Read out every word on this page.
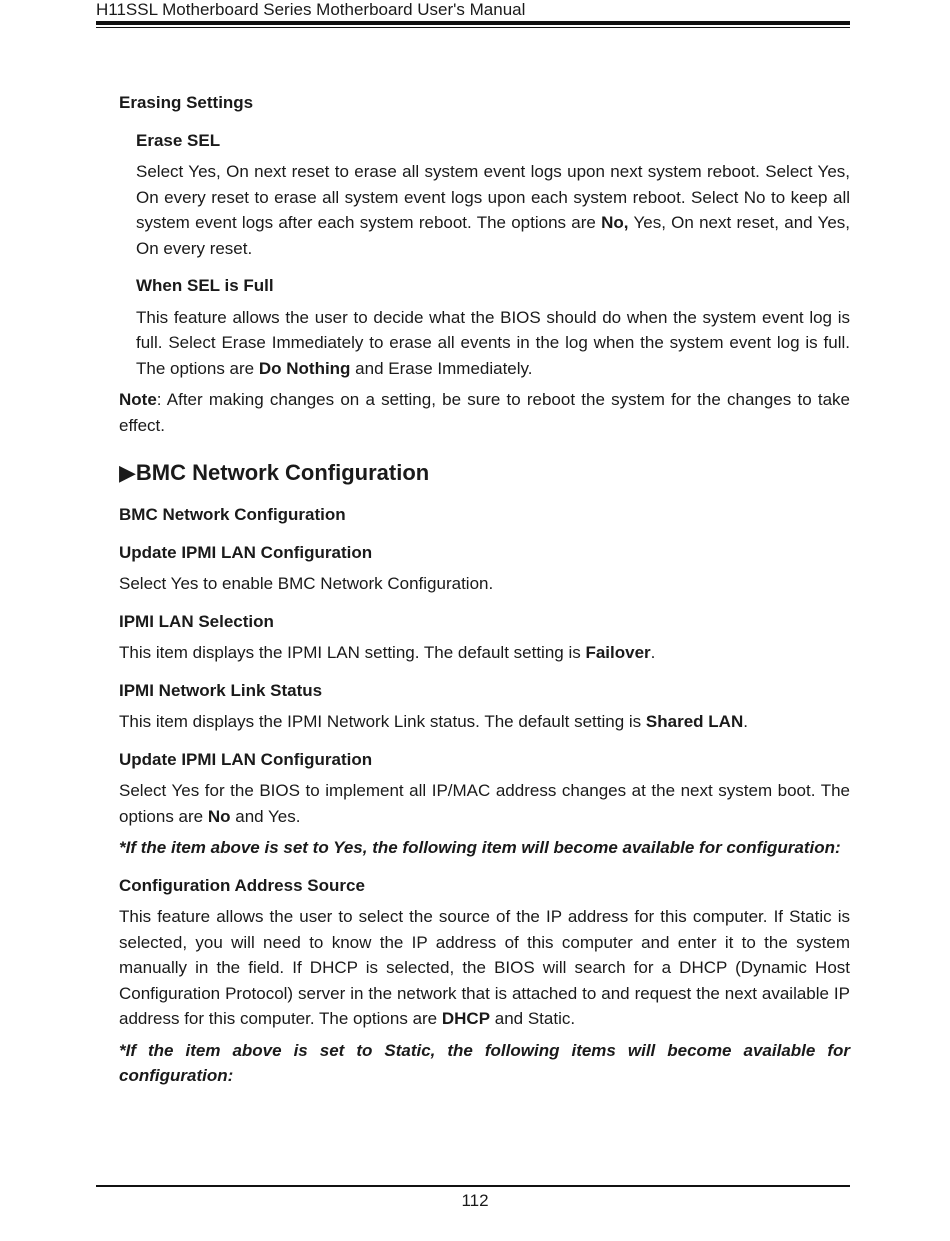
H11SSL Motherboard Series Motherboard User's Manual
Erasing Settings
Erase SEL

Select Yes, On next reset to erase all system event logs upon next system reboot. Select Yes, On every reset to erase all system event logs upon each system reboot. Select No to keep all system event logs after each system reboot. The options are No, Yes, On next reset, and Yes, On every reset.

When SEL is Full

This feature allows the user to decide what the BIOS should do when the system event log is full. Select Erase Immediately to erase all events in the log when the system event log is full. The options are Do Nothing and Erase Immediately.

Note: After making changes on a setting, be sure to reboot the system for the changes to take effect.

▶BMC Network Configuration
BMC Network Configuration
Update IPMI LAN Configuration

Select Yes to enable BMC Network Configuration.

IPMI LAN Selection

This item displays the IPMI LAN setting. The default setting is Failover.

IPMI Network Link Status

This item displays the IPMI Network Link status. The default setting is Shared LAN.

Update IPMI LAN Configuration

Select Yes for the BIOS to implement all IP/MAC address changes at the next system boot. The options are No and Yes.

*If the item above is set to Yes, the following item will become available for configuration:

Configuration Address Source

This feature allows the user to select the source of the IP address for this computer. If Static is selected, you will need to know the IP address of this computer and enter it to the system manually in the field. If DHCP is selected, the BIOS will search for a DHCP (Dynamic Host Configuration Protocol) server in the network that is attached to and request the next available IP address for this computer. The options are DHCP and Static.

*If the item above is set to Static, the following items will become available for configuration:

112
